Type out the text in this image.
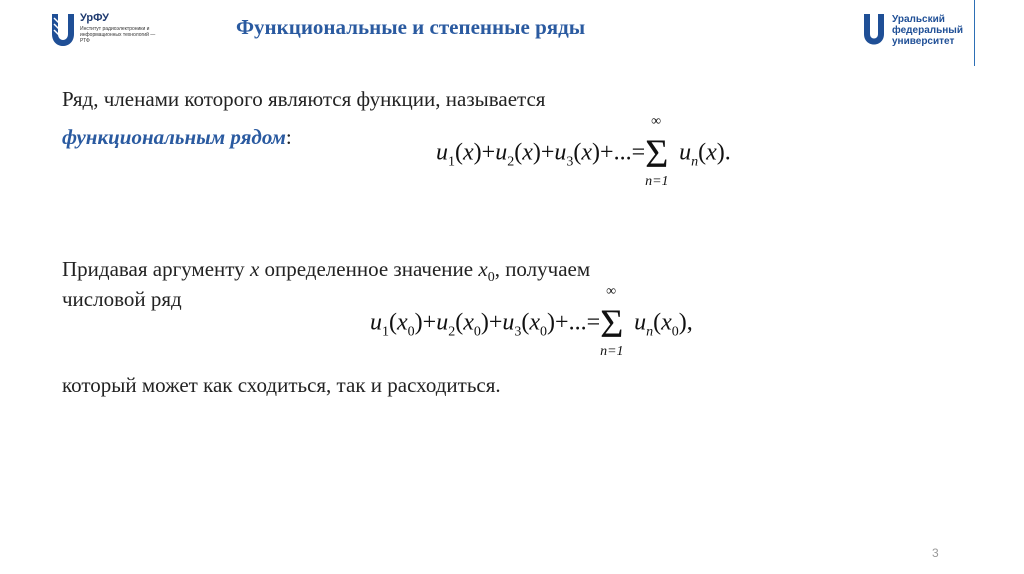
УрФУ
Институт радиоэлектроники и информационных технологий — РТФ
Функциональные и степенные ряды	Уральский
федеральный
университет
Ряд, членами которого являются функции, называется
функциональным рядом:
$u_1(x)+u_2(x)+u_3(x)+...=$
∞
Σ
n=1
$u_n(x)$.
Придавая аргументу x определенное значение $x_0$, получаем
числовой ряд
$u_1(x_0)+u_2(x_0)+u_3(x_0)+...=$
∞
Σ
n=1
$u_n(x_0)$,
который может как сходиться, так и расходиться.
3
